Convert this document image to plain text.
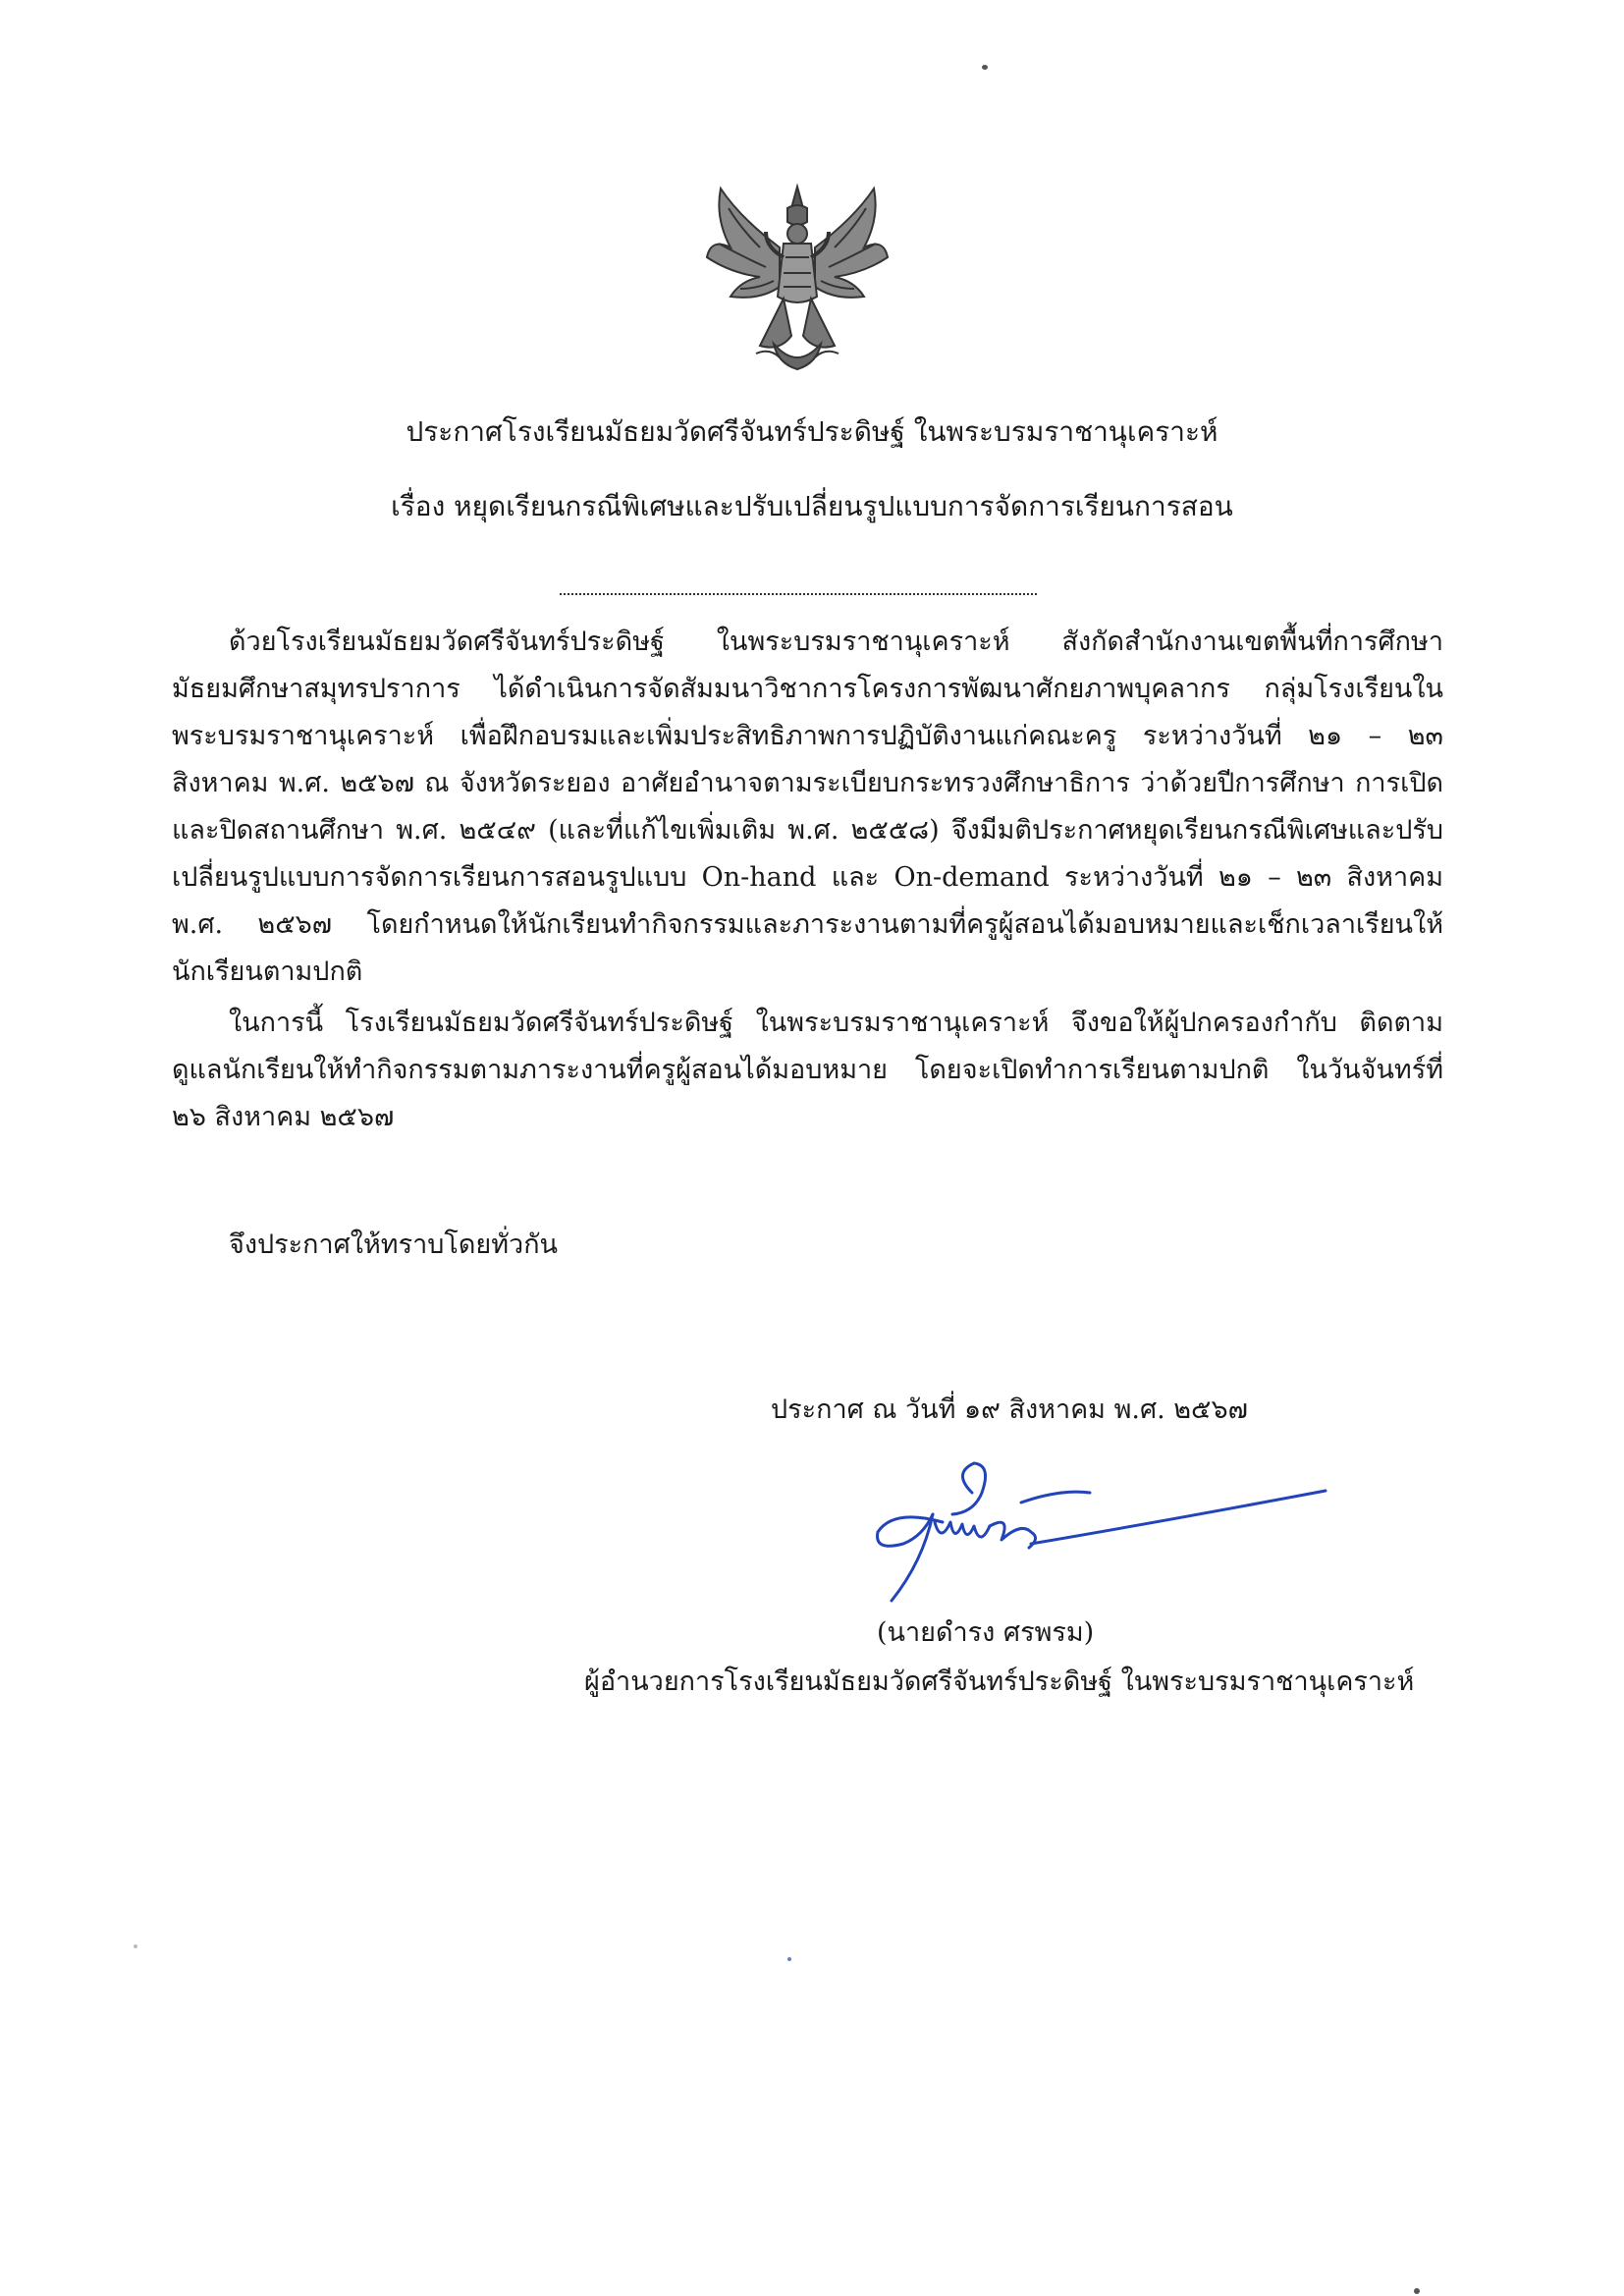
ประกาศโรงเรียนมัธยมวัดศรีจันทร์ประดิษฐ์ ในพระบรมราชานุเคราะห์

เรื่อง หยุดเรียนกรณีพิเศษและปรับเปลี่ยนรูปแบบการจัดการเรียนการสอน

ด้วยโรงเรียนมัธยมวัดศรีจันทร์ประดิษฐ์ ในพระบรมราชานุเคราะห์ สังกัดสำนักงานเขตพื้นที่การศึกษามัธยมศึกษาสมุทรปราการ ได้ดำเนินการจัดสัมมนาวิชาการโครงการพัฒนาศักยภาพบุคลากร กลุ่มโรงเรียนในพระบรมราชานุเคราะห์ เพื่อฝึกอบรมและเพิ่มประสิทธิภาพการปฏิบัติงานแก่คณะครู ระหว่างวันที่ ๒๑ – ๒๓ สิงหาคม พ.ศ. ๒๕๖๗ ณ จังหวัดระยอง อาศัยอำนาจตามระเบียบกระทรวงศึกษาธิการ ว่าด้วยปีการศึกษา การเปิดและปิดสถานศึกษา พ.ศ. ๒๕๔๙ (และที่แก้ไขเพิ่มเติม พ.ศ. ๒๕๕๘) จึงมีมติประกาศหยุดเรียนกรณีพิเศษและปรับเปลี่ยนรูปแบบการจัดการเรียนการสอนรูปแบบ On-hand และ On-demand ระหว่างวันที่ ๒๑ – ๒๓ สิงหาคม พ.ศ. ๒๕๖๗ โดยกำหนดให้นักเรียนทำกิจกรรมและภาระงานตามที่ครูผู้สอนได้มอบหมายและเช็กเวลาเรียนให้นักเรียนตามปกติ

ในการนี้ โรงเรียนมัธยมวัดศรีจันทร์ประดิษฐ์ ในพระบรมราชานุเคราะห์ จึงขอให้ผู้ปกครองกำกับ ติดตาม ดูแลนักเรียนให้ทำกิจกรรมตามภาระงานที่ครูผู้สอนได้มอบหมาย โดยจะเปิดทำการเรียนตามปกติ ในวันจันทร์ที่ ๒๖ สิงหาคม ๒๕๖๗

จึงประกาศให้ทราบโดยทั่วกัน
ประกาศ ณ วันที่ ๑๙ สิงหาคม พ.ศ. ๒๕๖๗
(นายดำรง ศรพรม)
ผู้อำนวยการโรงเรียนมัธยมวัดศรีจันทร์ประดิษฐ์ ในพระบรมราชานุเคราะห์
